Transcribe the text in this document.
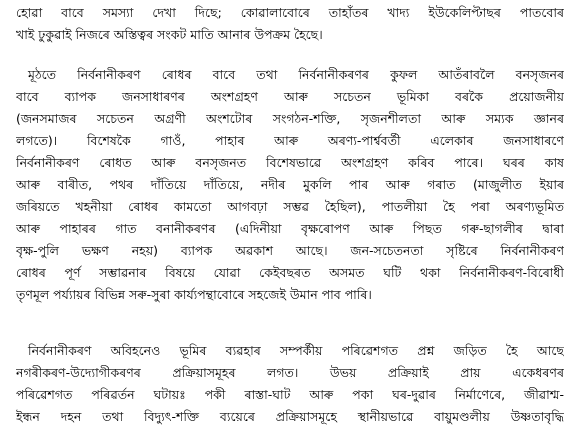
হোৱা বাবে সমস্যা দেখা দিছে; কোৱালাবোৰে তাহাঁতৰ খাদ্য ইউকেলিপ্টাছৰ পাতবোৰ
খাই ঢুকুৱাই নিজৰে অস্তিত্বৰ সংকট মাতি আনাৰ উপক্ৰম হৈছে।
মূঠতে নিৰ্বনানীকৰণ ৰোধৰ বাবে তথা নিৰ্বনানীকৰণৰ কুফল আতঁৰাবলৈ বনসৃজনৰ
বাবে ব্যাপক জনসাধাৰণৰ অংশগ্ৰহণ আৰু সচেতন ভূমিকা বৰকৈ প্ৰয়োজনীয়
(জনসমাজৰ সচেতন অগ্ৰণী অংশটোৰ সংগঠন-শক্তি, সৃজনশীলতা আৰু সম্যক জ্ঞানৰ
লগতে)। বিশেষকৈ গাওঁ, পাহাৰ আৰু অৰণ্য-পাৰ্শ্ববৰ্তী এলেকাৰ জনসাধাৰণে
নিৰ্বনানীকৰণ ৰোধত আৰু বনসৃজনত বিশেষভাৱে অংশগ্ৰহণ কৰিব পাৰে। ঘৰৰ কাষ
আৰু বাৰীত, পথৰ দাঁতিয়ে দাঁতিয়ে, নদীৰ মুকলি পাৰ আৰু গৰাত (মাজুলীত ইয়াৰ
জৰিয়তে খহনীয়া ৰোধৰ কামতো আগবঢ়া সম্ভৱ হৈছিল), পাতলীয়া হৈ পৰা অৰণ্যভূমিত
আৰু পাহাৰৰ গাত বনানীকৰণৰ (এদিনীয়া বৃক্ষৰোপণ আৰু পিছত গৰু-ছাগলীৰ দ্বাৰা
বৃক্ষ-পুলি ভক্ষণ নহয়) ব্যাপক অৱকাশ আছে। জন-সচেতনতা সৃষ্টিৰে নিৰ্বনানীকৰণ
ৰোধৰ পূৰ্ণ সম্ভাৱনাৰ বিষয়ে যোৱা কেইবছৰত অসমত ঘটি থকা নিৰ্বনানীকৰণ-বিৰোধী
তৃণমূল পৰ্য্যায়ৰ বিভিন্ন সৰু-সুৰা কাৰ্য্যপন্থাবোৰে সহজেই উমান পাব পাৰি।
নিৰ্বনানীকৰণ অবিহনেও ভূমিৰ ব্যৱহাৰ সম্পৰ্কীয় পৰিৱেশগত প্ৰশ্ন জড়িত হৈ আছে
নগৰীকৰণ-উদ্যোগীকৰণৰ প্ৰক্ৰিয়াসমূহৰ লগত। উভয় প্ৰক্ৰিয়াই প্ৰায় একেধৰণৰ
পৰিৱেশগত পৰিৱৰ্তন ঘটায়ঃ পকী ৰাস্তা-ঘাট আৰু পকা ঘৰ-দুৱাৰ নিৰ্মাণেৰে, জীৱাশ্ম-
ইন্ধন দহন তথা বিদ্যুৎ-শক্তি ব্যয়েৰে প্ৰক্ৰিয়াসমূহে স্থানীয়ভাৱে বায়ুমণ্ডলীয় উষ্ণতাবৃদ্ধি
